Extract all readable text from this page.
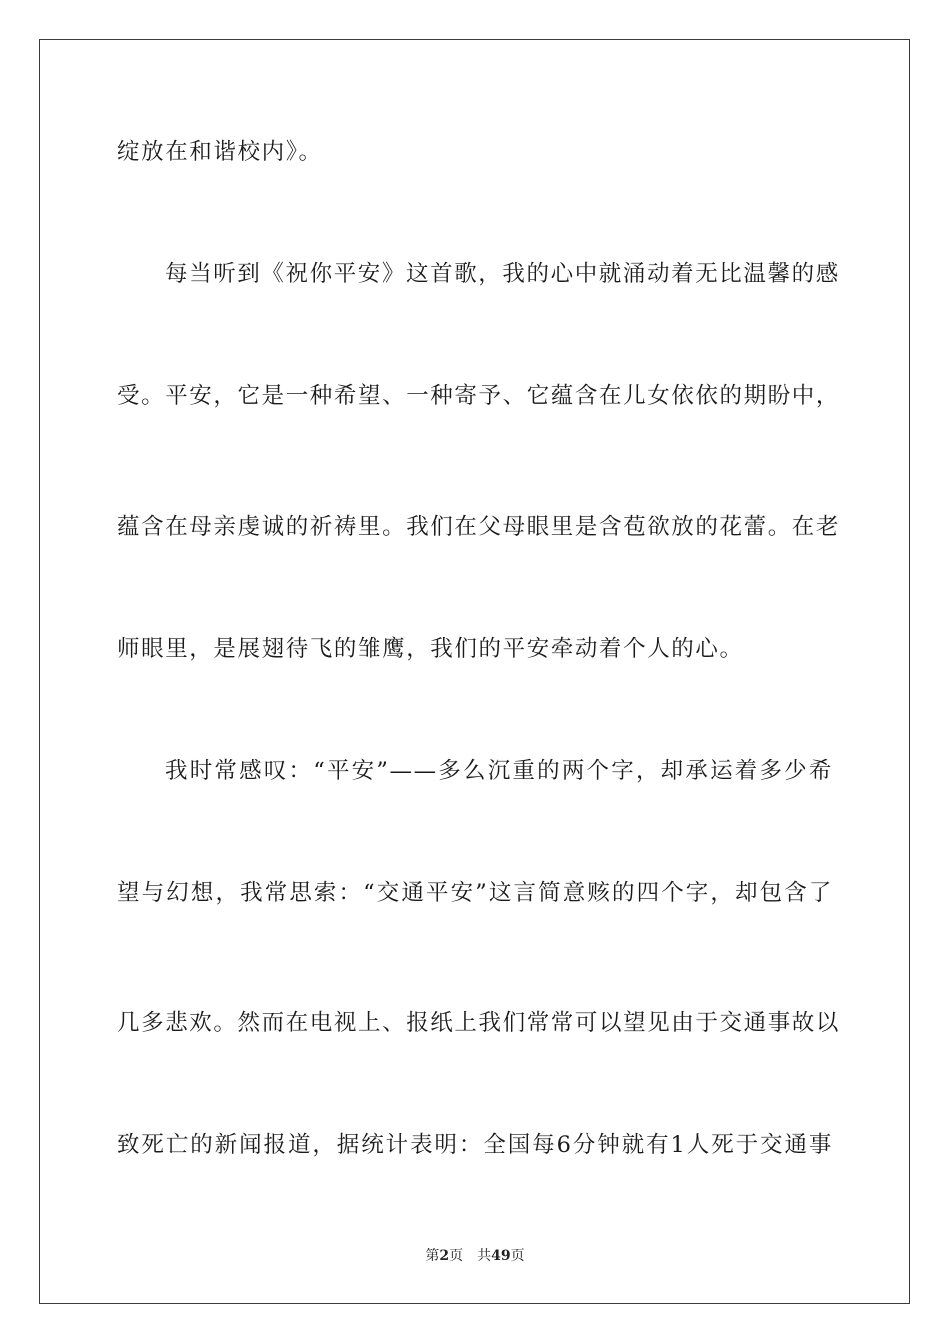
绽放在和谐校内》。
每当听到《祝你平安》这首歌，我的心中就涌动着无比温馨的感
受。平安，它是一种希望、一种寄予、它蕴含在儿女依依的期盼中，
蕴含在母亲虔诚的祈祷里。我们在父母眼里是含苞欲放的花蕾。在老
师眼里，是展翅待飞的雏鹰，我们的平安牵动着个人的心。
我时常感叹：“平安”——多么沉重的两个字，却承运着多少希
望与幻想，我常思索：“交通平安”这言简意赅的四个字，却包含了
几多悲欢。然而在电视上、报纸上我们常常可以望见由于交通事故以
致死亡的新闻报道，据统计表明：全国每6分钟就有1人死于交通事
第2页 共49页
